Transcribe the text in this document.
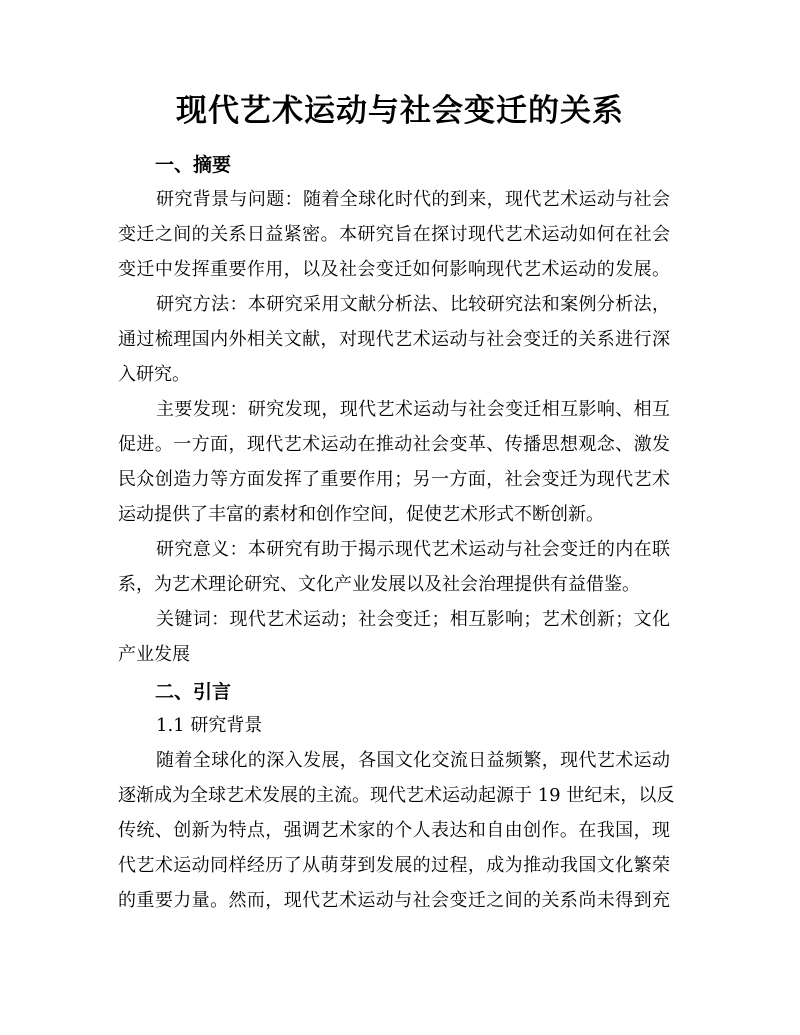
现代艺术运动与社会变迁的关系
一、摘要
研究背景与问题：随着全球化时代的到来，现代艺术运动与社会
变迁之间的关系日益紧密。本研究旨在探讨现代艺术运动如何在社会
变迁中发挥重要作用，以及社会变迁如何影响现代艺术运动的发展。
研究方法：本研究采用文献分析法、比较研究法和案例分析法，
通过梳理国内外相关文献，对现代艺术运动与社会变迁的关系进行深
入研究。
主要发现：研究发现，现代艺术运动与社会变迁相互影响、相互
促进。一方面，现代艺术运动在推动社会变革、传播思想观念、激发
民众创造力等方面发挥了重要作用；另一方面，社会变迁为现代艺术
运动提供了丰富的素材和创作空间，促使艺术形式不断创新。
研究意义：本研究有助于揭示现代艺术运动与社会变迁的内在联
系，为艺术理论研究、文化产业发展以及社会治理提供有益借鉴。
关键词：现代艺术运动；社会变迁；相互影响；艺术创新；文化
产业发展
二、引言
1.1 研究背景
随着全球化的深入发展，各国文化交流日益频繁，现代艺术运动
逐渐成为全球艺术发展的主流。现代艺术运动起源于 19 世纪末，以反
传统、创新为特点，强调艺术家的个人表达和自由创作。在我国，现
代艺术运动同样经历了从萌芽到发展的过程，成为推动我国文化繁荣
的重要力量。然而，现代艺术运动与社会变迁之间的关系尚未得到充
